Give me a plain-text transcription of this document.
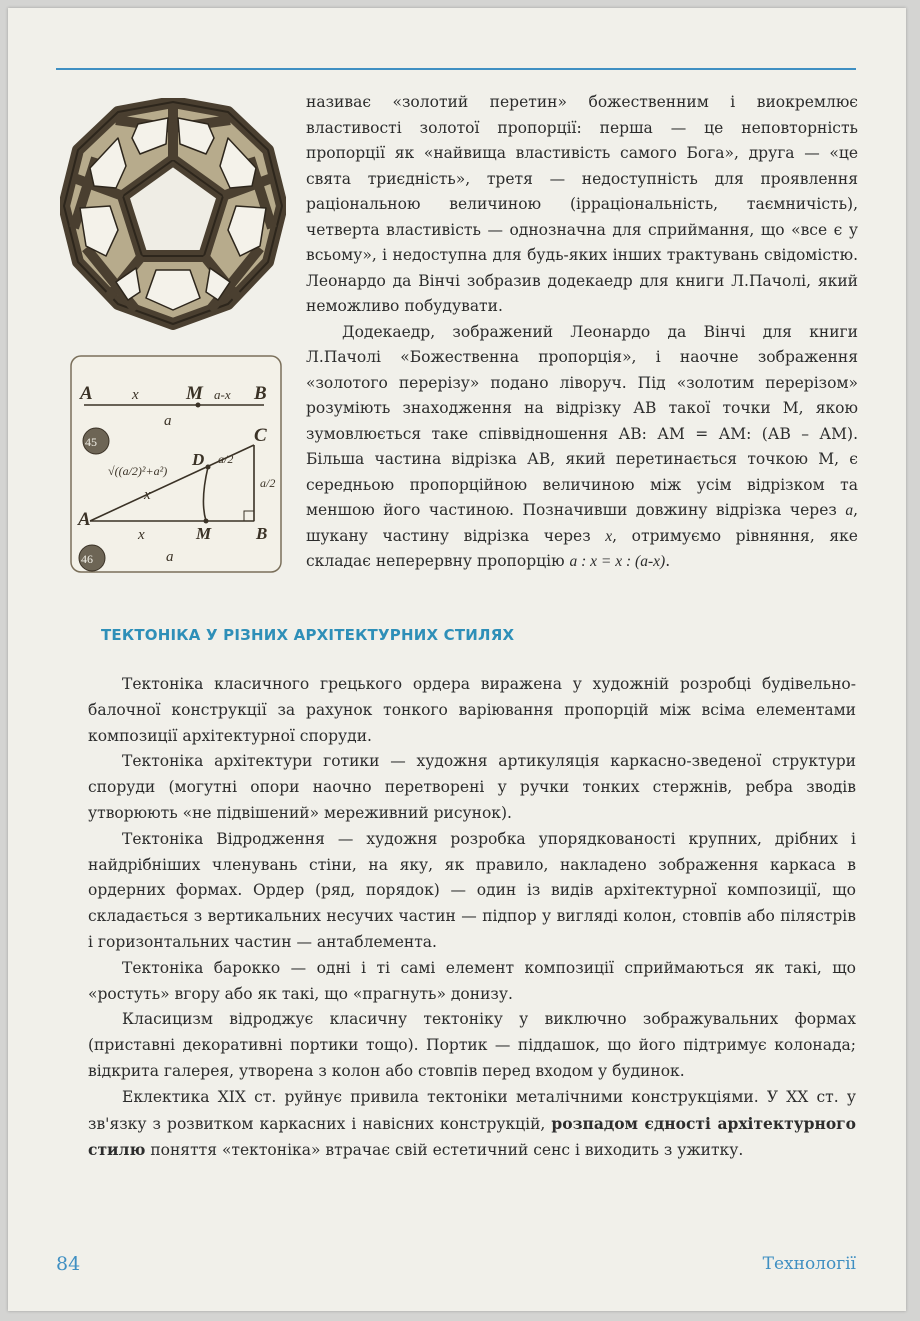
A	x M a-x B
a
45	C
D a/2
a/2
√((a/2)²+a²)
x
A
x	M	B
a
46

називає «золотий перетин» божественним і виокремлює властивості золотої пропорції: перша — це неповторність пропорції як «найвища властивість самого Бога», друга — «це свята триєдність», третя — недоступність для проявлення раціональною величиною (ірраціональність, таємничість), четверта властивість — однозначна для сприймання, що «все є у всьому», і недоступна для будь-яких інших трактувань свідомістю. Леонардо да Вінчі зобразив додекаедр для книги Л.Пачолі, який неможливо побудувати.

Додекаедр, зображений Леонардо да Вінчі для книги Л.Пачолі «Божественна пропорція», і наочне зображення «золотого перерізу» подано ліворуч. Під «золотим перерізом» розуміють знаходження на відрізку АВ такої точки М, якою зумовлюється таке співвідношення АВ: АМ = АМ: (АВ – АМ). Більша частина відрізка АВ, який перетинається точкою М, є середньою пропорційною величиною між усім відрізком та меншою його частиною. Позначивши довжину відрізка через a, шукану частину відрізка через x, отримуємо рівняння, яке складає неперервну пропорцію a : x = x : (a-x).

ТЕКТОНІКА У РІЗНИХ АРХІТЕКТУРНИХ СТИЛЯХ

Тектоніка класичного грецького ордера виражена у художній розробці будівельно-балочної конструкції за рахунок тонкого варіювання пропорцій між всіма елементами композиції архітектурної споруди.

Тектоніка архітектури готики — художня артикуляція каркасно-зведеної структури споруди (могутні опори наочно перетворені у ручки тонких стержнів, ребра зводів утворюють «не підвішений» мереживний рисунок).

Тектоніка Відродження — художня розробка упорядкованості крупних, дрібних і найдрібніших членувань стіни, на яку, як правило, накладено зображення каркаса в ордерних формах. Ордер (ряд, порядок) — один із видів архітектурної композиції, що складається з вертикальних несучих частин — підпор у вигляді колон, стовпів або пілястрів і горизонтальних частин — антаблемента.

Тектоніка барокко — одні і ті самі елемент композиції сприймаються як такі, що «ростуть» вгору або як такі, що «прагнуть» донизу.

Класицизм відроджує класичну тектоніку у виключно зображувальних формах (приставні декоративні портики тощо). Портик — піддашок, що його підтримує колонада; відкрита галерея, утворена з колон або стовпів перед входом у будинок.

Еклектика XIX ст. руйнує привила тектоніки металічними конструкціями. У XX ст. у зв'язку з розвитком каркасних і навісних конструкцій, розпадом єдності архітектурного стилю поняття «тектоніка» втрачає свій естетичний сенс і виходить з ужитку.

84	Технології
